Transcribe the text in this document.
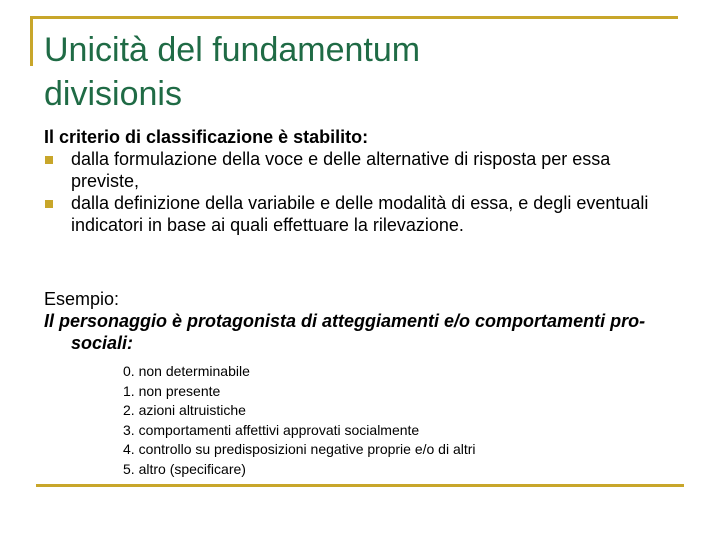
Unicità del fundamentum
divisionis
Il criterio di classificazione è stabilito:
dalla formulazione della voce e delle alternative di risposta per essa previste,
dalla definizione della variabile e delle modalità di essa, e degli eventuali indicatori in base ai quali effettuare la rilevazione.
Esempio:
Il personaggio è protagonista di atteggiamenti e/o comportamenti pro-sociali:
0. non determinabile
1. non presente
2. azioni altruistiche
3. comportamenti affettivi approvati socialmente
4. controllo su predisposizioni negative proprie e/o di altri
5. altro (specificare)
